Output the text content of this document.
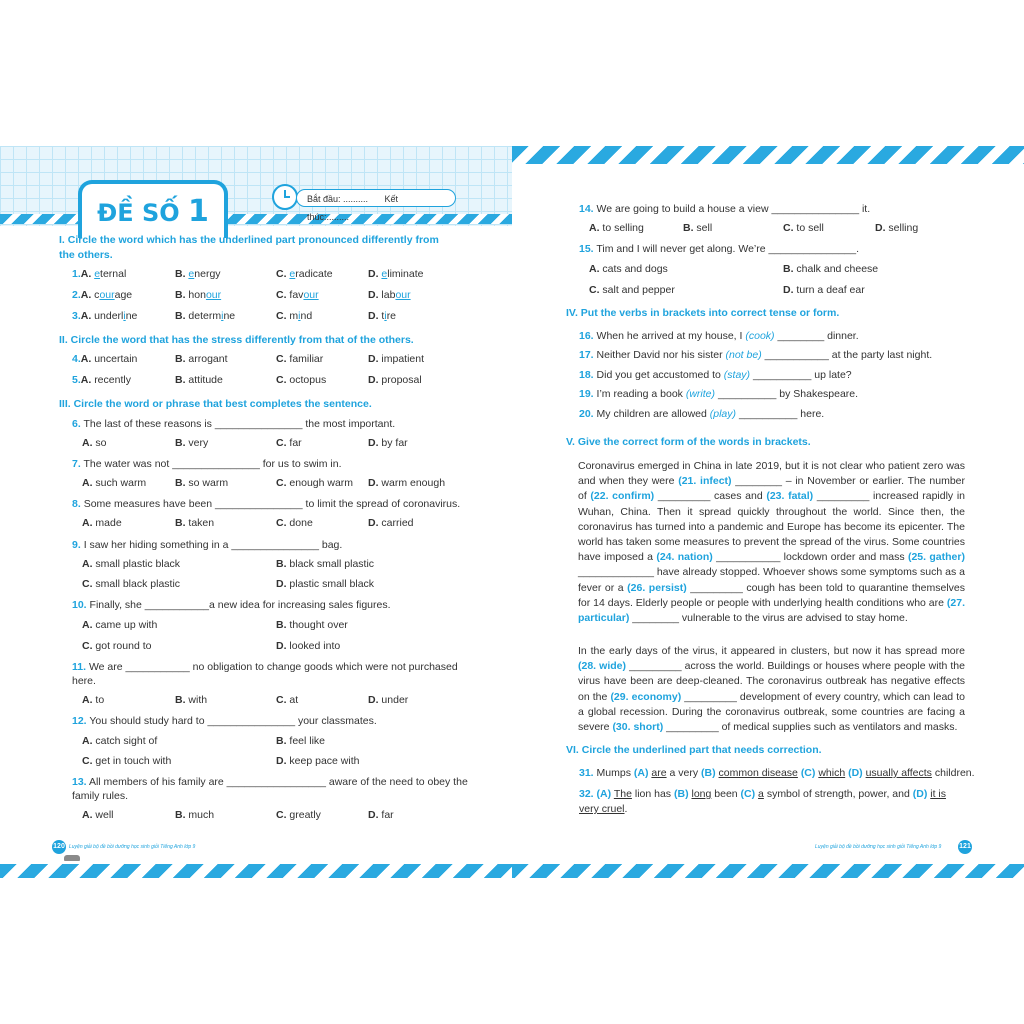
ĐỀ SỐ 1	Bắt đầu: .......... Kết thúc:.........
I. Circle the word which has the underlined part pronounced differently from
the others.
1.A. eternal	B. energy	C. eradicate	D. eliminate
2.A. courage	B. honour	C. favour	D. labour
3.A. underline	B. determine	C. mind	D. tire
II. Circle the word that has the stress differently from that of the others.
4.A. uncertain	B. arrogant	C. familiar	D. impatient
5.A. recently	B. attitude	C. octopus	D. proposal
III. Circle the word or phrase that best completes the sentence.
6. The last of these reasons is _______________ the most important.
A. so	B. very	C. far	D. by far
7. The water was not _______________ for us to swim in.
A. such warm	B. so warm	C. enough warm D. warm enough
8. Some measures have been _______________ to limit the spread of coronavirus.
A. made	B. taken	C. done	D. carried
9. I saw her hiding something in a _______________ bag.
A. small plastic black	B. black small plastic
C. small black plastic	D. plastic small black
10. Finally, she ___________a new idea for increasing sales figures.
A. came up with	B. thought over
C. got round to	D. looked into
11. We are ___________ no obligation to change goods which were not purchased
here.
A. to	B. with	C. at	D. under
12. You should study hard to _______________ your classmates.
A. catch sight of	B. feel like
C. get in touch with	D. keep pace with
13. All members of his family are _________________ aware of the need to obey the
family rules.
A. well	B. much	C. greatly	D. far
120 Luyện giải bộ đề bồi dưỡng học sinh giỏi Tiếng Anh lớp 9
14. We are going to build a house a view _______________ it.
A. to selling	B. sell	C. to sell	D. selling
15. Tim and I will never get along. We’re _______________.
A. cats and dogs	B. chalk and cheese
C. salt and pepper	D. turn a deaf ear
IV. Put the verbs in brackets into correct tense or form.
16. When he arrived at my house, I (cook) ________ dinner.
17. Neither David nor his sister (not be) ___________ at the party last night.
18. Did you get accustomed to (stay) __________ up late?
19. I’m reading a book (write) __________ by Shakespeare.
20. My children are allowed (play) __________ here.
V. Give the correct form of the words in brackets.
Coronavirus emerged in China in late 2019, but it is not clear who patient zero was and when they were (21. infect) ________ – in November or earlier. The number of (22. confirm) _________ cases and (23. fatal) _________ increased rapidly in Wuhan, China. Then it spread quickly throughout the world. Since then, the coronavirus has turned into a pandemic and Europe has become its epicenter. The world has taken some measures to prevent the spread of the virus. Some countries have imposed a (24. nation) ___________ lockdown order and mass (25. gather) _____________ have already stopped. Whoever shows some symptoms such as a fever or a (26. persist) _________ cough has been told to quarantine themselves for 14 days. Elderly people or people with underlying health conditions who are (27. particular) ________ vulnerable to the virus are advised to stay home.
In the early days of the virus, it appeared in clusters, but now it has spread more (28. wide) _________ across the world. Buildings or houses where people with the virus have been are deep-cleaned. The coronavirus outbreak has negative effects on the (29. economy) _________ development of every country, which can lead to a global recession. During the coronavirus outbreak, some countries are facing a severe (30. short) _________ of medical supplies such as ventilators and masks.
VI. Circle the underlined part that needs correction.
31. Mumps (A) are a very (B) common disease (C) which (D) usually affects children.
32. (A) The lion has (B) long been (C) a symbol of strength, power, and (D) it is
very cruel.
Luyện giải bộ đề bồi dưỡng học sinh giỏi Tiếng Anh lớp 9	121
